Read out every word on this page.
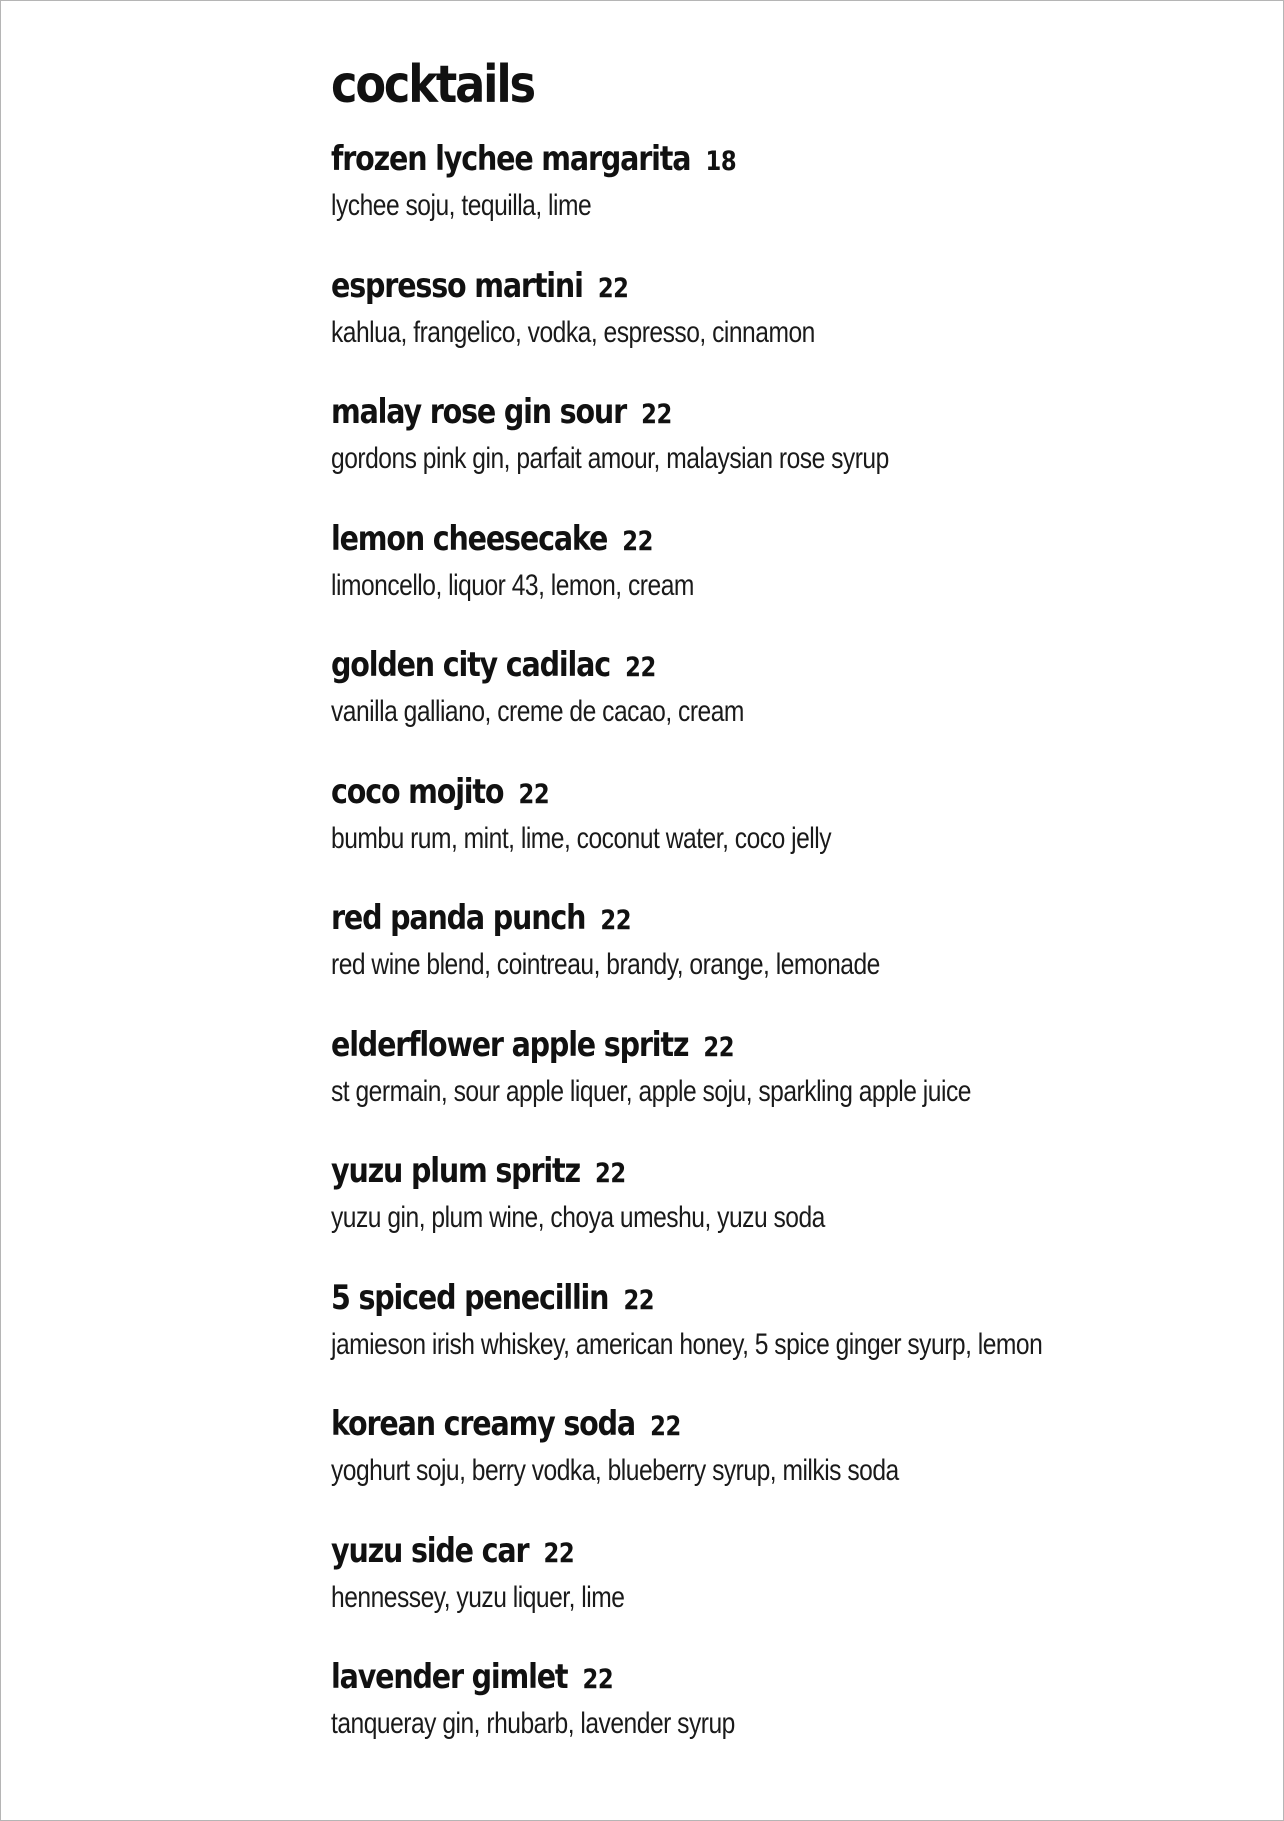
cocktails
frozen lychee margarita 18
lychee soju, tequilla, lime
espresso martini 22
kahlua, frangelico, vodka, espresso, cinnamon
malay rose gin sour 22
gordons pink gin, parfait amour, malaysian rose syrup
lemon cheesecake 22
limoncello, liquor 43, lemon, cream
golden city cadilac 22
vanilla galliano, creme de cacao, cream
coco mojito 22
bumbu rum, mint, lime, coconut water, coco jelly
red panda punch 22
red wine blend, cointreau, brandy, orange, lemonade
elderflower apple spritz 22
st germain, sour apple liquer, apple soju, sparkling apple juice
yuzu plum spritz 22
yuzu gin, plum wine, choya umeshu, yuzu soda
5 spiced penecillin 22
jamieson irish whiskey, american honey, 5 spice ginger syurp, lemon
korean creamy soda 22
yoghurt soju, berry vodka, blueberry syrup, milkis soda
yuzu side car 22
hennessey, yuzu liquer, lime
lavender gimlet 22
tanqueray gin, rhubarb, lavender syrup
